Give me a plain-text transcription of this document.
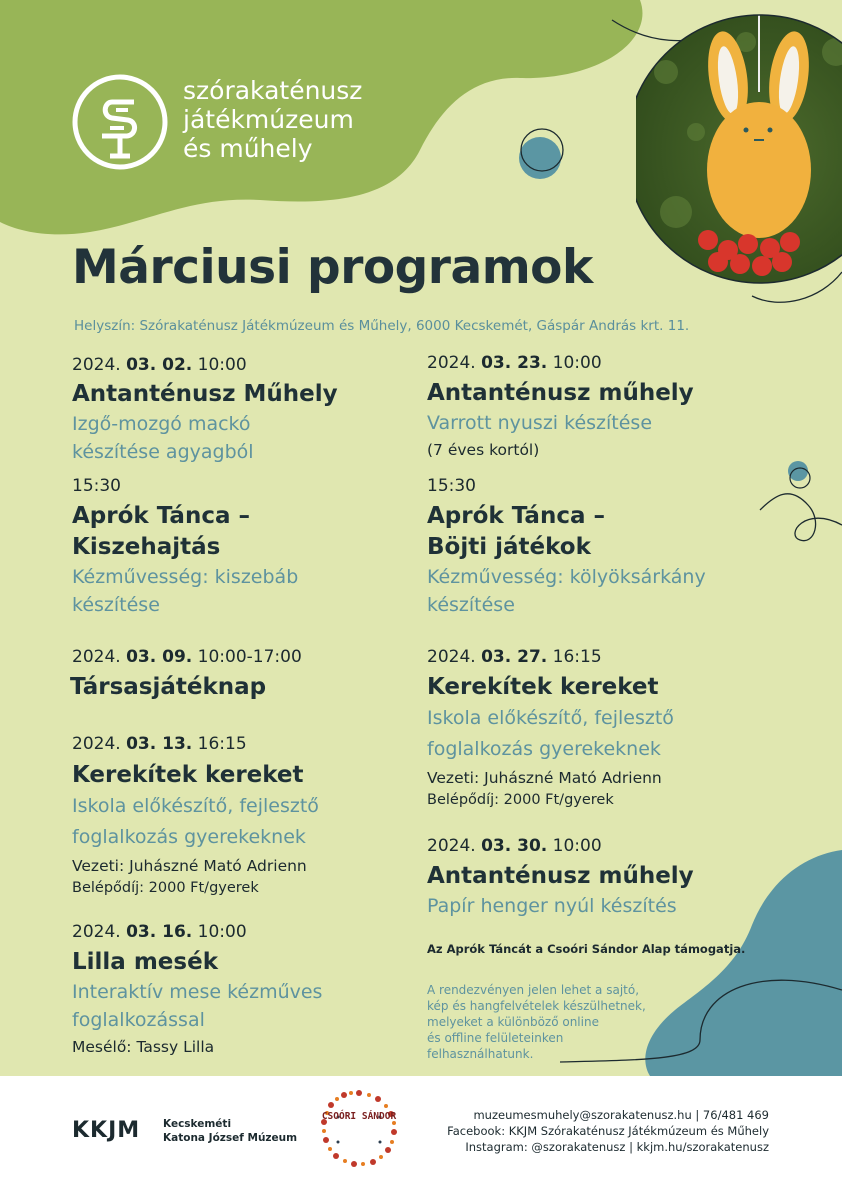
szórakaténusz
játékmúzeum
és műhely
Márciusi programok
Helyszín: Szórakaténusz Játékmúzeum és Műhely, 6000 Kecskemét, Gáspár András krt. 11.
2024. 03. 02. 10:00
Antanténusz Műhely
Izgő-mozgó mackó készítése agyagból
15:30
Aprók Tánca – Kiszehajtás
Kézművesség: kiszebáb készítése
2024. 03. 09. 10:00-17:00
Társasjátéknap
2024. 03. 13. 16:15
Kerekítek kereket
Iskola előkészítő, fejlesztő foglalkozás gyerekeknek
Vezeti: Juhászné Mató Adrienn
Belépődíj: 2000 Ft/gyerek
2024. 03. 16. 10:00
Lilla mesék
Interaktív mese kézműves foglalkozással
Mesélő: Tassy Lilla
2024. 03. 23. 10:00
Antanténusz műhely
Varrott nyuszi készítése
(7 éves kortól)
15:30
Aprók Tánca – Böjti játékok
Kézművesség: kölyöksárkány készítése
2024. 03. 27. 16:15
Kerekítek kereket
Iskola előkészítő, fejlesztő foglalkozás gyerekeknek
Vezeti: Juhászné Mató Adrienn
Belépődíj: 2000 Ft/gyerek
2024. 03. 30. 10:00
Antanténusz műhely
Papír henger nyúl készítés
Az Aprók Táncát a Csoóri Sándor Alap támogatja.
A rendezvényen jelen lehet a sajtó,
kép és hangfelvételek készülhetnek,
melyeket a különböző online
és offline felületeinken
felhasználhatunk.
KKJM Kecskeméti
Katona József Múzeum
CSOÓRI SÁNDOR	muzeumesmuhely@szorakatenusz.hu | 76/481 469
Facebook: KKJM Szórakaténusz Játékmúzeum és Műhely
Instagram: @szorakatenusz | kkjm.hu/szorakatenusz
